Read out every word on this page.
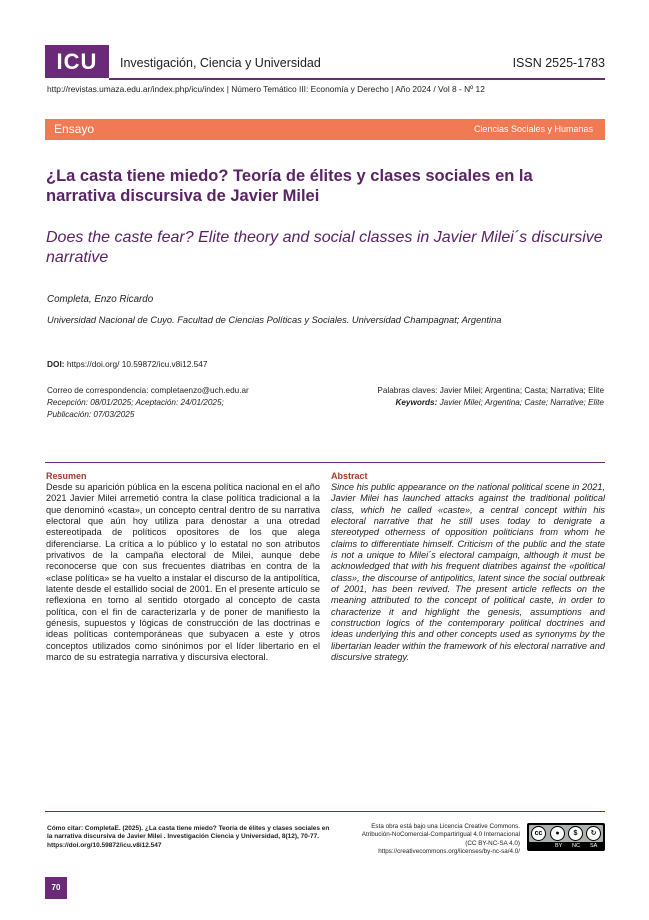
ICU	Investigación, Ciencia y Universidad	ISSN 2525-1783
http://revistas.umaza.edu.ar/index.php/icu/index | Número Temático III: Economía y Derecho | Año 2024 / Vol 8 - Nº 12
Ensayo	Ciencias Sociales y Humanas
¿La casta tiene miedo? Teoría de élites y clases sociales en la narrativa discursiva de Javier Milei
Does the caste fear? Elite theory and social classes in Javier Milei´s discursive narrative
Completa, Enzo Ricardo
Universidad Nacional de Cuyo. Facultad de Ciencias Políticas y Sociales. Universidad Champagnat; Argentina
DOI: https://doi.org/ 10.59872/icu.v8i12.547
Correo de correspondencia: completaenzo@uch.edu.ar
Recepción: 08/01/2025; Aceptación: 24/01/2025;
Publicación: 07/03/2025
Palabras claves: Javier Milei; Argentina; Casta; Narrativa; Elite
Keywords: Javier Milei; Argentina; Caste; Narrative; Elite
Resumen
Desde su aparición pública en la escena política nacional en el año 2021 Javier Milei arremetió contra la clase política tradicional a la que denominó «casta», un concepto central dentro de su narrativa electoral que aún hoy utiliza para denostar a una otredad estereotipada de políticos opositores de los que alega diferenciarse. La crítica a lo público y lo estatal no son atributos privativos de la campaña electoral de Milei, aunque debe reconocerse que con sus frecuentes diatribas en contra de la «clase política» se ha vuelto a instalar el discurso de la antipolítica, latente desde el estallido social de 2001. En el presente artículo se reflexiona en torno al sentido otorgado al concepto de casta política, con el fin de caracterizarla y de poner de manifiesto la génesis, supuestos y lógicas de construcción de las doctrinas e ideas políticas contemporáneas que subyacen a este y otros conceptos utilizados como sinónimos por el líder libertario en el marco de su estrategia narrativa y discursiva electoral.
Abstract
Since his public appearance on the national political scene in 2021, Javier Milei has launched attacks against the traditional political class, which he called «caste», a central concept within his electoral narrative that he still uses today to denigrate a stereotyped otherness of opposition politicians from whom he claims to differentiate himself. Criticism of the public and the state is not a unique to Milei´s electoral campaign, although it must be acknowledged that with his frequent diatribes against the «political class», the discourse of antipolitics, latent since the social outbreak of 2001, has been revived. The present article reflects on the meaning attributed to the concept of political caste, in order to characterize it and highlight the genesis, assumptions and construction logics of the contemporary political doctrines and ideas underlying this and other concepts used as synonyms by the libertarian leader within the framework of his electoral narrative and discursive strategy.
Cómo citar: CompletaE. (2025). ¿La casta tiene miedo? Teoría de élites y clases sociales en la narrativa discursiva de Javier Milei . Investigación Ciencia y Universidad, 8(12), 70-77. https://doi.org/10.59872/icu.v8i12.547
Esta obra está bajo una Licencia Creative Commons.
Atribución-NoComercial-CompartirIgual 4.0 Internacional
(CC BY-NC-SA 4.0)
https://creativecommons.org/licenses/by-nc-sa/4.0/
cc	●	$	↻
BY NC SA
70
